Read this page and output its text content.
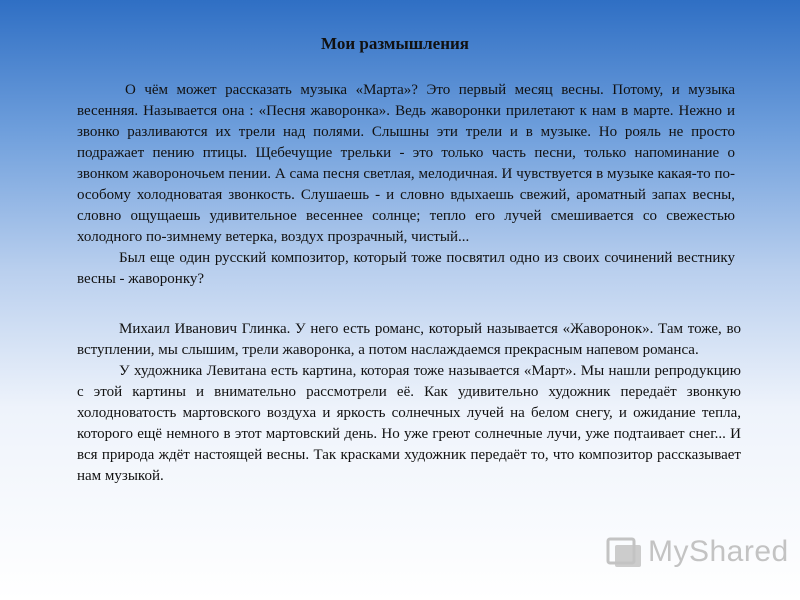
Мои размышления

О чём может рассказать музыка «Марта»? Это первый месяц весны. Потому, и музыка весенняя. Называется она : «Песня жаворонка». Ведь жаворонки прилетают к нам в марте. Нежно и звонко разливаются их трели над полями. Слышны эти трели и в музыке. Но рояль не просто подражает пению птицы. Щебечущие трельки - это только часть песни, только напоминание о звонком жавороночьем пении. А сама песня светлая, мелодичная. И чувствуется в музыке какая-то по-особому холодноватая звонкость. Слушаешь - и словно вдыхаешь свежий, ароматный запах весны, словно ощущаешь удивительное весеннее солнце; тепло его лучей смешивается со свежестью холодного по-зимнему ветерка, воздух прозрачный, чистый...

Был еще один русский композитор, который тоже посвятил одно из своих сочинений вестнику весны - жаворонку?

Михаил Иванович Глинка. У него есть романс, который называется «Жаворонок». Там тоже, во вступлении, мы слышим, трели жаворонка, а потом наслаждаемся прекрасным напевом романса.

У художника Левитана есть картина, которая тоже называется «Март». Мы нашли репродукцию с этой картины и внимательно рассмотрели её. Как удивительно художник передаёт звонкую холодноватость мартовского воздуха и яркость солнечных лучей на белом снегу, и ожидание тепла, которого ещё немного в этот мартовский день. Но уже греют солнечные лучи, уже подтаивает снег... И вся природа ждёт настоящей весны. Так красками художник передаёт то, что композитор рассказывает нам музыкой.

MyShared
